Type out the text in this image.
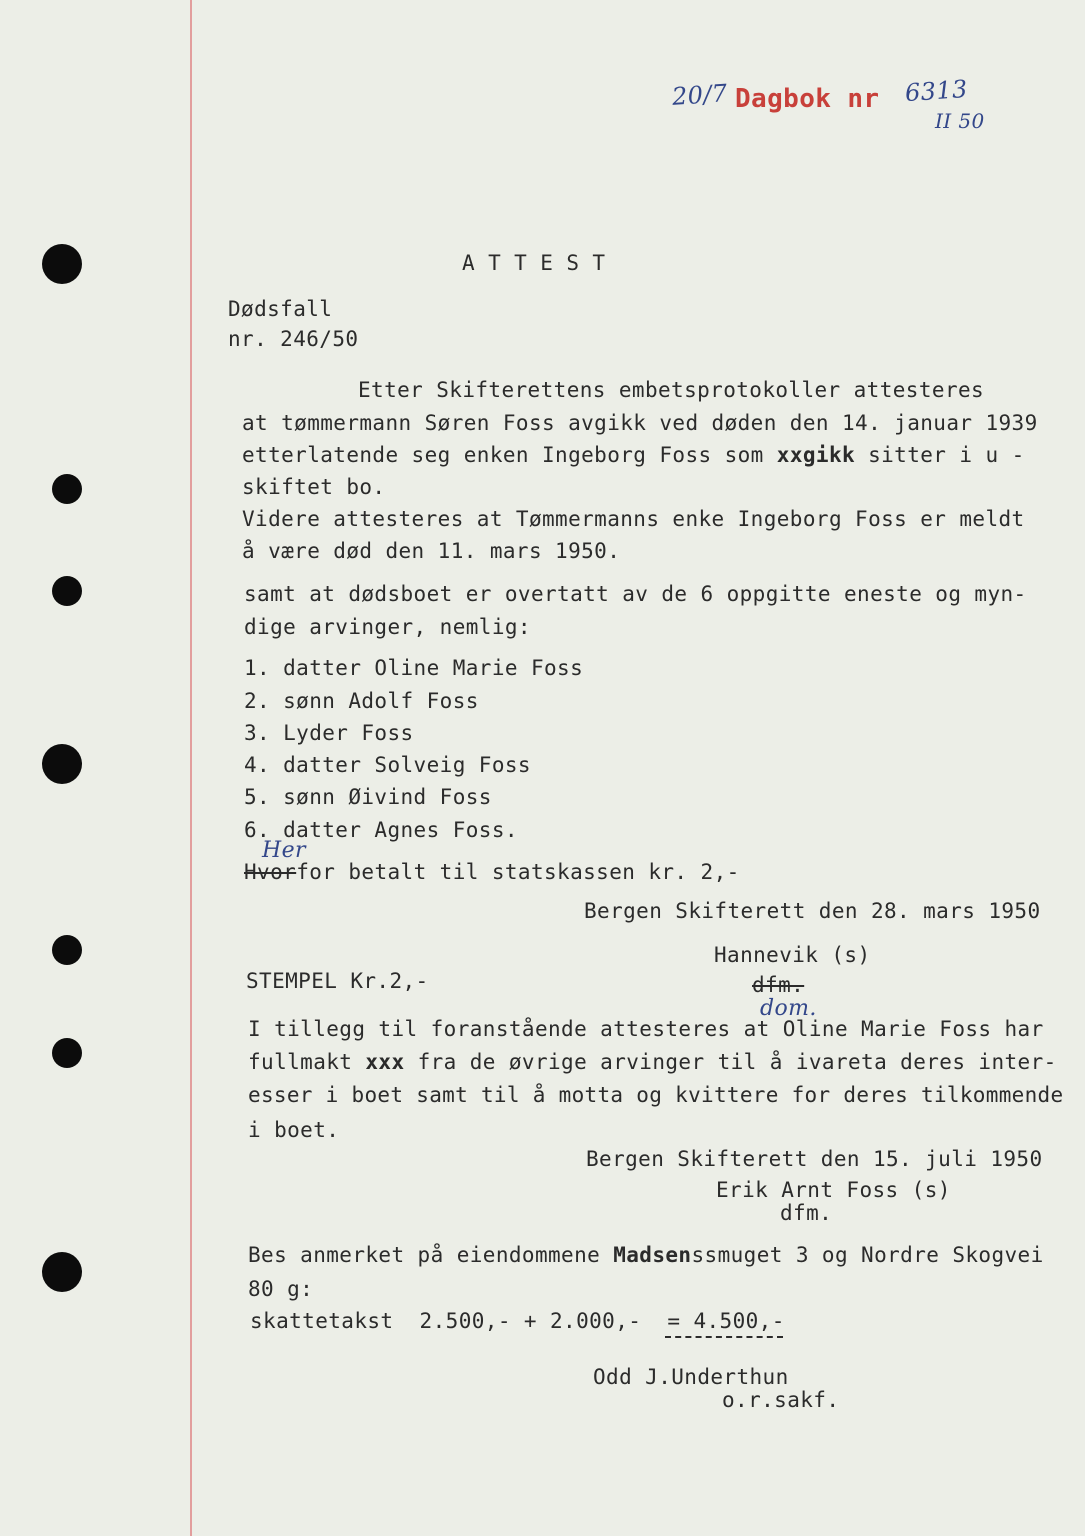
20/7 Dagbok nr 6313
II 50
A T T E S T
Dødsfall
nr. 246/50
Etter Skifterettens embetsprotokoller attesteres
at tømmermann Søren Foss avgikk ved døden den 14. januar 1939
etterlatende seg enken Ingeborg Foss som xxgikk sitter i u -
skiftet bo.
Videre attesteres at Tømmermanns enke Ingeborg Foss er meldt
å være død den 11. mars 1950.
samt at dødsboet er overtatt av de 6 oppgitte eneste og myn-
dige arvinger, nemlig:
1. datter Oline Marie Foss
2. sønn Adolf Foss
3. Lyder Foss
4. datter Solveig Foss
5. sønn Øivind Foss
6. datter Agnes Foss.
Her
Hvorfor betalt til statskassen kr. 2,-
Bergen Skifterett den 28. mars 1950
Hannevik (s)
STEMPEL Kr.2,-	dfm.
dom.
I tillegg til foranstående attesteres at Oline Marie Foss har
fullmakt xxx fra de øvrige arvinger til å ivareta deres inter-
esser i boet samt til å motta og kvittere for deres tilkommende
i boet.
Bergen Skifterett den 15. juli 1950
Erik Arnt Foss (s)
dfm.
Bes anmerket på eiendommene Madsenssmuget 3 og Nordre Skogvei
80 g:
skattetakst  2.500,- + 2.000,-  = 4.500,-
Odd J.Underthun
o.r.sakf.
